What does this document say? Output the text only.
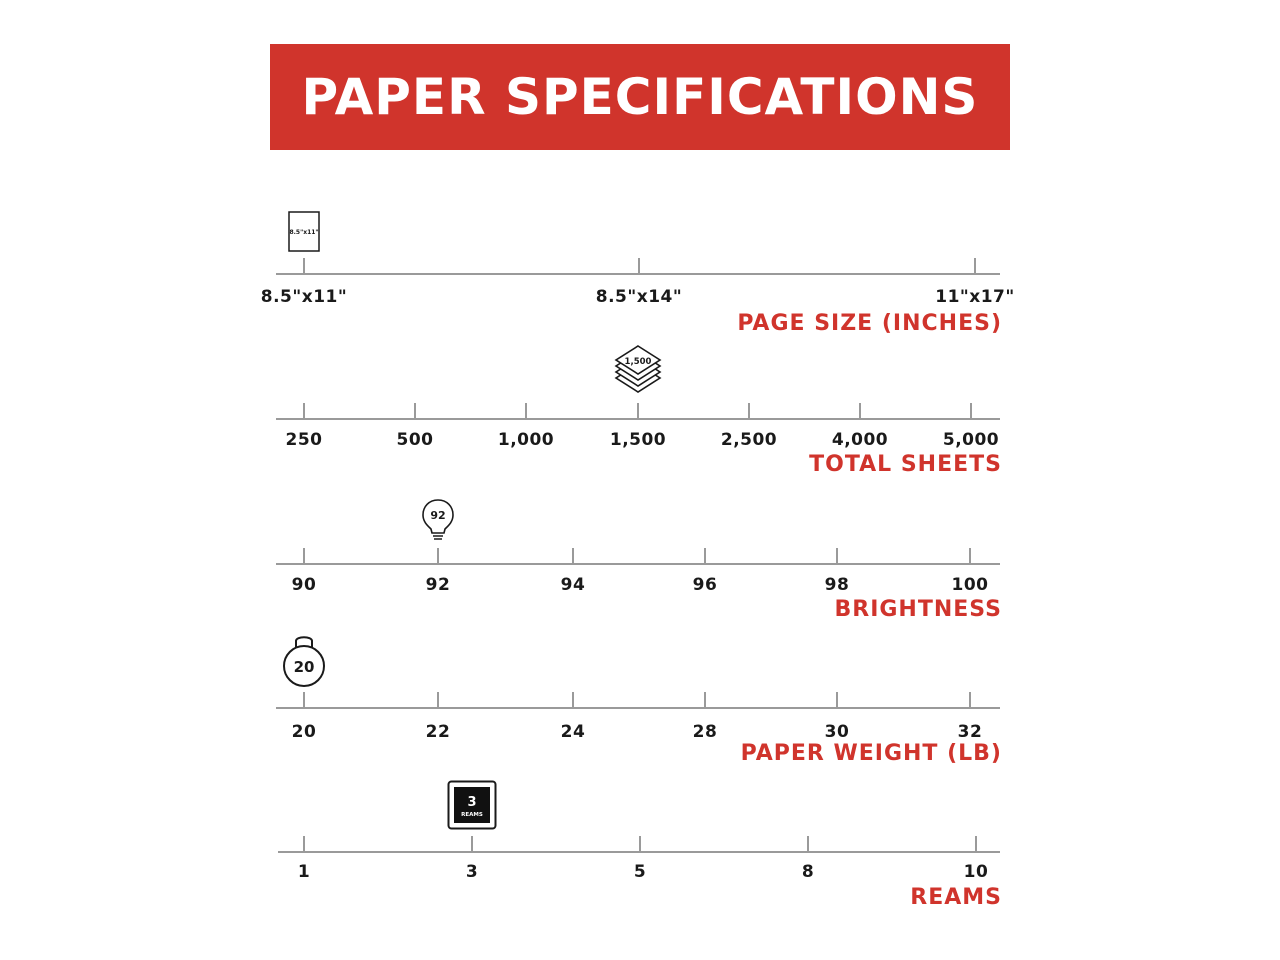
PAPER SPECIFICATIONS
8.5"x11"	8.5"x14"	11"x17"
8.5"x11"
PAGE SIZE (INCHES)
250	500	1,000	1,500	2,500	4,000	5,000
1,500
TOTAL SHEETS
90	92	94	96	98	100
92
BRIGHTNESS
20	22	24	28	30	32
20
PAPER WEIGHT (LB)
1	3	5	8	10
3
REAMS
REAMS
